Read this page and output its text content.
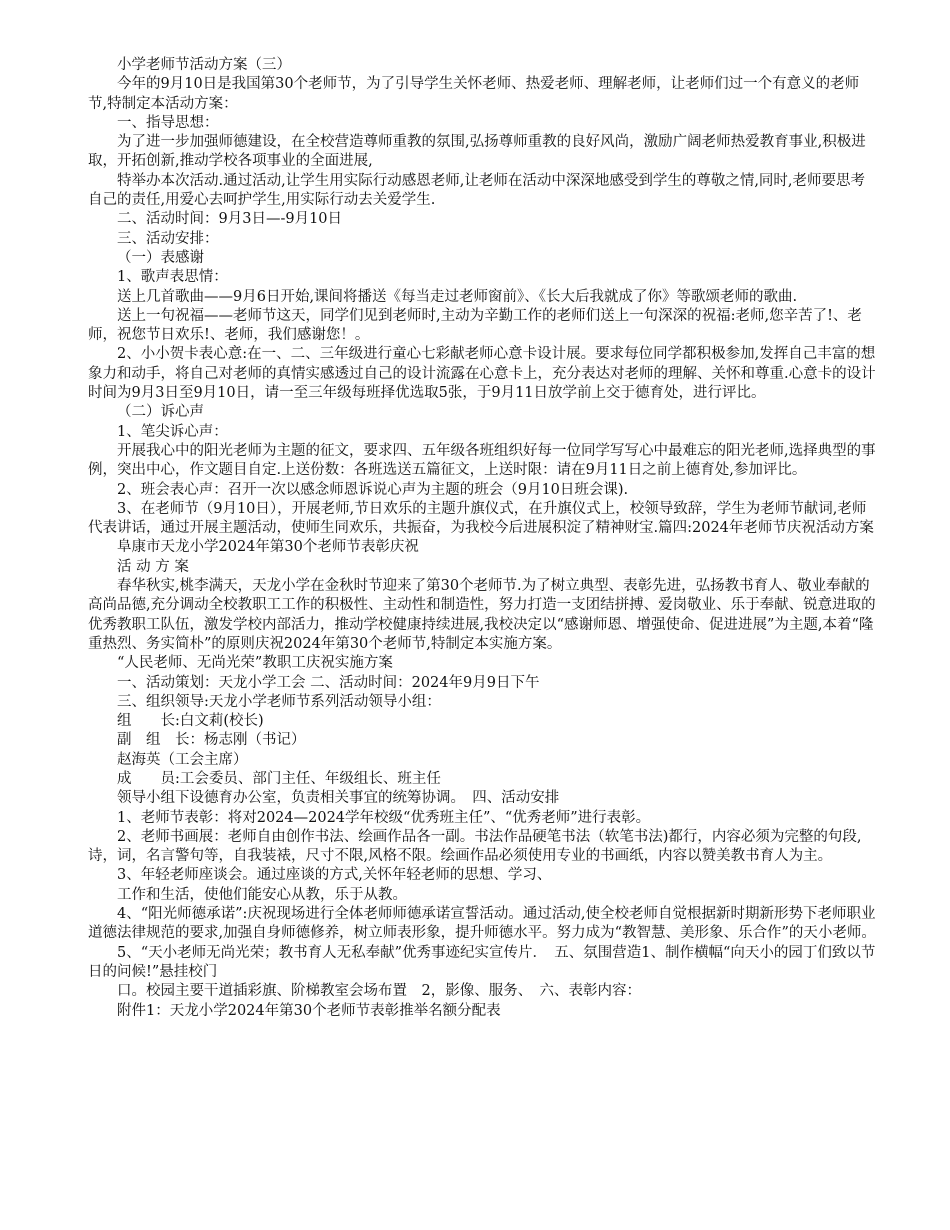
小学老师节活动方案（三）

今年的9月10日是我国第30个老师节，为了引导学生关怀老师、热爱老师、理解老师，让老师们过一个有意义的老师节,特制定本活动方案：

一、指导思想：

为了进一步加强师德建设，在全校营造尊师重教的氛围,弘扬尊师重教的良好风尚，激励广阔老师热爱教育事业,积极进取，开拓创新,推动学校各项事业的全面进展,

特举办本次活动.通过活动,让学生用实际行动感恩老师,让老师在活动中深深地感受到学生的尊敬之情,同时,老师要思考自己的责任,用爱心去呵护学生,用实际行动去关爱学生.

二、活动时间：9月3日—-9月10日

三、活动安排：

（一）表感谢

1、歌声表思情：

送上几首歌曲——9月6日开始,课间将播送《每当走过老师窗前》、《长大后我就成了你》等歌颂老师的歌曲.

送上一句祝福——老师节这天，同学们见到老师时,主动为辛勤工作的老师们送上一句深深的祝福:老师,您辛苦了!、老师，祝您节日欢乐!、老师，我们感谢您！。

2、小小贺卡表心意:在一、二、三年级进行童心七彩献老师心意卡设计展。要求每位同学都积极参加,发挥自己丰富的想象力和动手，将自己对老师的真情实感透过自己的设计流露在心意卡上，充分表达对老师的理解、关怀和尊重.心意卡的设计时间为9月3日至9月10日，请一至三年级每班择优选取5张，于9月11日放学前上交于德育处，进行评比。

（二）诉心声

1、笔尖诉心声：

开展我心中的阳光老师为主题的征文，要求四、五年级各班组织好每一位同学写写心中最难忘的阳光老师,选择典型的事例，突出中心，作文题目自定.上送份数：各班选送五篇征文，上送时限：请在9月11日之前上德育处,参加评比。

2、班会表心声：召开一次以感念师恩诉说心声为主题的班会（9月10日班会课).

3、在老师节（9月10日），开展老师,节日欢乐的主题升旗仪式，在升旗仪式上，校领导致辞，学生为老师节献词,老师代表讲话，通过开展主题活动，使师生同欢乐，共振奋，为我校今后进展积淀了精神财宝.篇四:2024年老师节庆祝活动方案

阜康市天龙小学2024年第30个老师节表彰庆祝

活 动 方 案

春华秋实,桃李满天，天龙小学在金秋时节迎来了第30个老师节.为了树立典型、表彰先进，弘扬教书育人、敬业奉献的高尚品德,充分调动全校教职工工作的积极性、主动性和制造性，努力打造一支团结拼搏、爱岗敬业、乐于奉献、锐意进取的优秀教职工队伍，激发学校内部活力，推动学校健康持续进展,我校决定以“感谢师恩、增强使命、促进进展”为主题,本着“隆重热烈、务实简朴”的原则庆祝2024年第30个老师节,特制定本实施方案。

“人民老师、无尚光荣”教职工庆祝实施方案

一、活动策划：天龙小学工会 二、活动时间：2024年9月9日下午

三、组织领导:天龙小学老师节系列活动领导小组：

组　　长:白文莉(校长)

副　组　长：杨志刚（书记）

赵海英（工会主席）

成　　员:工会委员、部门主任、年级组长、班主任

领导小组下设德育办公室，负责相关事宜的统筹协调。　四、活动安排

1、老师节表彰：将对2024—2024学年校级“优秀班主任”、“优秀老师”进行表彰。

2、老师书画展：老师自由创作书法、绘画作品各一副。书法作品硬笔书法（软笔书法)都行，内容必须为完整的句段,诗，词，名言警句等，自我装裱，尺寸不限,风格不限。绘画作品必须使用专业的书画纸，内容以赞美教书育人为主。

3、年轻老师座谈会。通过座谈的方式,关怀年轻老师的思想、学习、

工作和生活，使他们能安心从教，乐于从教。

4、“阳光师德承诺”:庆祝现场进行全体老师师德承诺宣誓活动。通过活动,使全校老师自觉根据新时期新形势下老师职业道德法律规范的要求,加强自身师德修养，树立师表形象，提升师德水平。努力成为“教智慧、美形象、乐合作”的天小老师。

5、“天小老师无尚光荣；教书育人无私奉献”优秀事迹纪实宣传片．　五、氛围营造1、制作横幅“向天小的园丁们致以节日的问候!”悬挂校门

口。校园主要干道插彩旗、阶梯教室会场布置　2，影像、服务、　六、表彰内容：

附件1：天龙小学2024年第30个老师节表彰推举名额分配表
